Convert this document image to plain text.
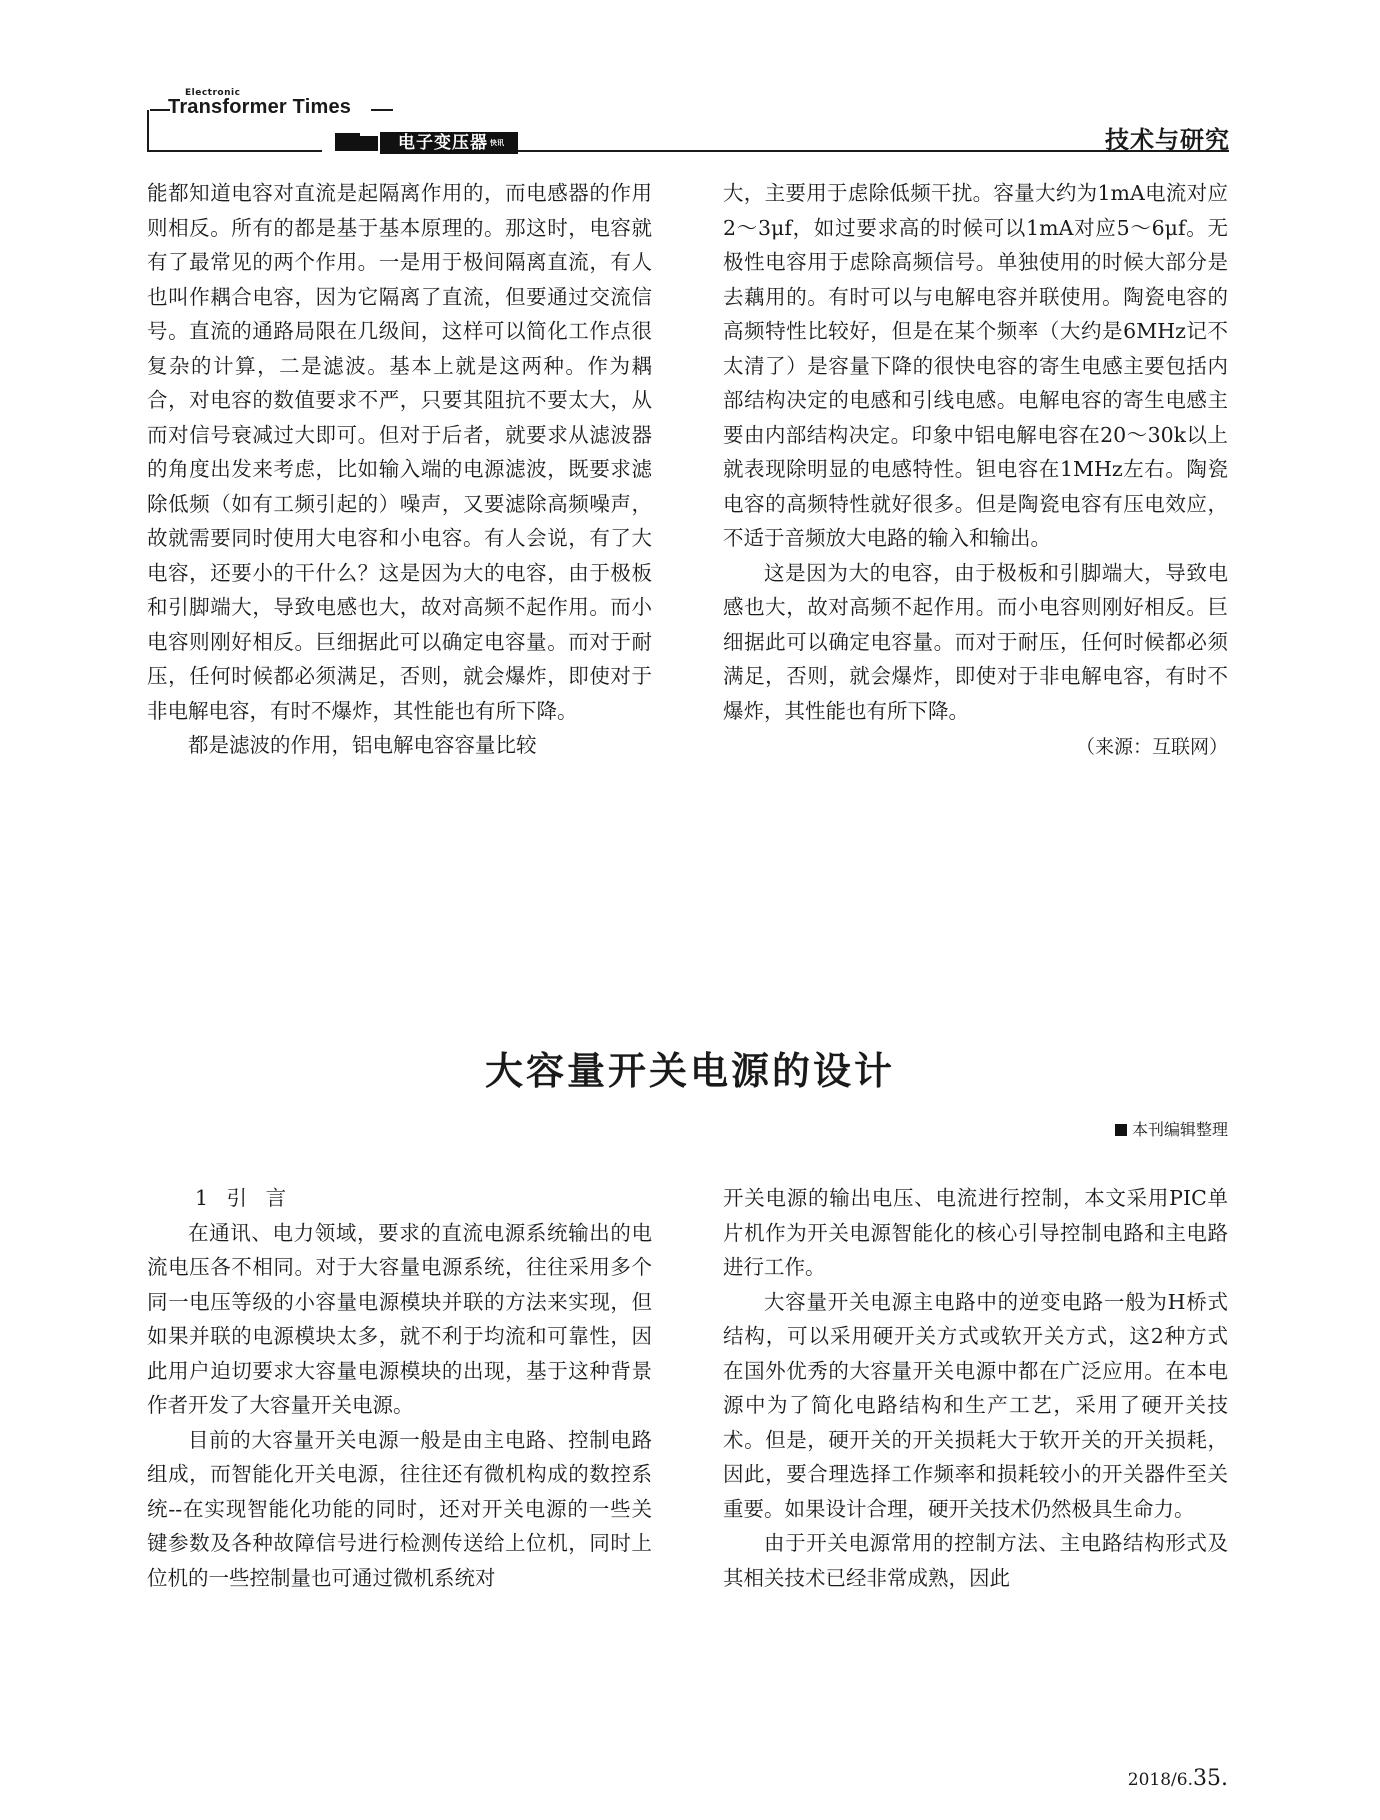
Electronic
Transformer Times
电子变压器 $^{快讯}$	技术与研究

能都知道电容对直流是起隔离作用的，而电感器的作用则相反。所有的都是基于基本原理的。那这时，电容就有了最常见的两个作用。一是用于极间隔离直流，有人也叫作耦合电容，因为它隔离了直流，但要通过交流信号。直流的通路局限在几级间，这样可以简化工作点很复杂的计算，二是滤波。基本上就是这两种。作为耦合，对电容的数值要求不严，只要其阻抗不要太大，从而对信号衰减过大即可。但对于后者，就要求从滤波器的角度出发来考虑，比如输入端的电源滤波，既要求滤除低频（如有工频引起的）噪声，又要滤除高频噪声，故就需要同时使用大电容和小电容。有人会说，有了大电容，还要小的干什么？这是因为大的电容，由于极板和引脚端大，导致电感也大，故对高频不起作用。而小电容则刚好相反。巨细据此可以确定电容量。而对于耐压，任何时候都必须满足，否则，就会爆炸，即使对于非电解电容，有时不爆炸，其性能也有所下降。

都是滤波的作用，铝电解电容容量比较

大，主要用于虑除低频干扰。容量大约为1mA电流对应2～3μf，如过要求高的时候可以1mA对应5～6μf。无极性电容用于虑除高频信号。单独使用的时候大部分是去藕用的。有时可以与电解电容并联使用。陶瓷电容的高频特性比较好，但是在某个频率（大约是6MHz记不太清了）是容量下降的很快电容的寄生电感主要包括内部结构决定的电感和引线电感。电解电容的寄生电感主要由内部结构决定。印象中铝电解电容在20～30k以上就表现除明显的电感特性。钽电容在1MHz左右。陶瓷电容的高频特性就好很多。但是陶瓷电容有压电效应，不适于音频放大电路的输入和输出。

这是因为大的电容，由于极板和引脚端大，导致电感也大，故对高频不起作用。而小电容则刚好相反。巨细据此可以确定电容量。而对于耐压，任何时候都必须满足，否则，就会爆炸，即使对于非电解电容，有时不爆炸，其性能也有所下降。

（来源：互联网）

大容量开关电源的设计
本刊编辑整理

1 引 言

在通讯、电力领域，要求的直流电源系统输出的电流电压各不相同。对于大容量电源系统，往往采用多个同一电压等级的小容量电源模块并联的方法来实现，但如果并联的电源模块太多，就不利于均流和可靠性，因此用户迫切要求大容量电源模块的出现，基于这种背景作者开发了大容量开关电源。

目前的大容量开关电源一般是由主电路、控制电路组成，而智能化开关电源，往往还有微机构成的数控系统--在实现智能化功能的同时，还对开关电源的一些关键参数及各种故障信号进行检测传送给上位机，同时上位机的一些控制量也可通过微机系统对

开关电源的输出电压、电流进行控制，本文采用PIC单片机作为开关电源智能化的核心引导控制电路和主电路进行工作。

大容量开关电源主电路中的逆变电路一般为H桥式结构，可以采用硬开关方式或软开关方式，这2种方式在国外优秀的大容量开关电源中都在广泛应用。在本电源中为了简化电路结构和生产工艺，采用了硬开关技术。但是，硬开关的开关损耗大于软开关的开关损耗，因此，要合理选择工作频率和损耗较小的开关器件至关重要。如果设计合理，硬开关技术仍然极具生命力。

由于开关电源常用的控制方法、主电路结构形式及其相关技术已经非常成熟，因此

2018/6.35.
